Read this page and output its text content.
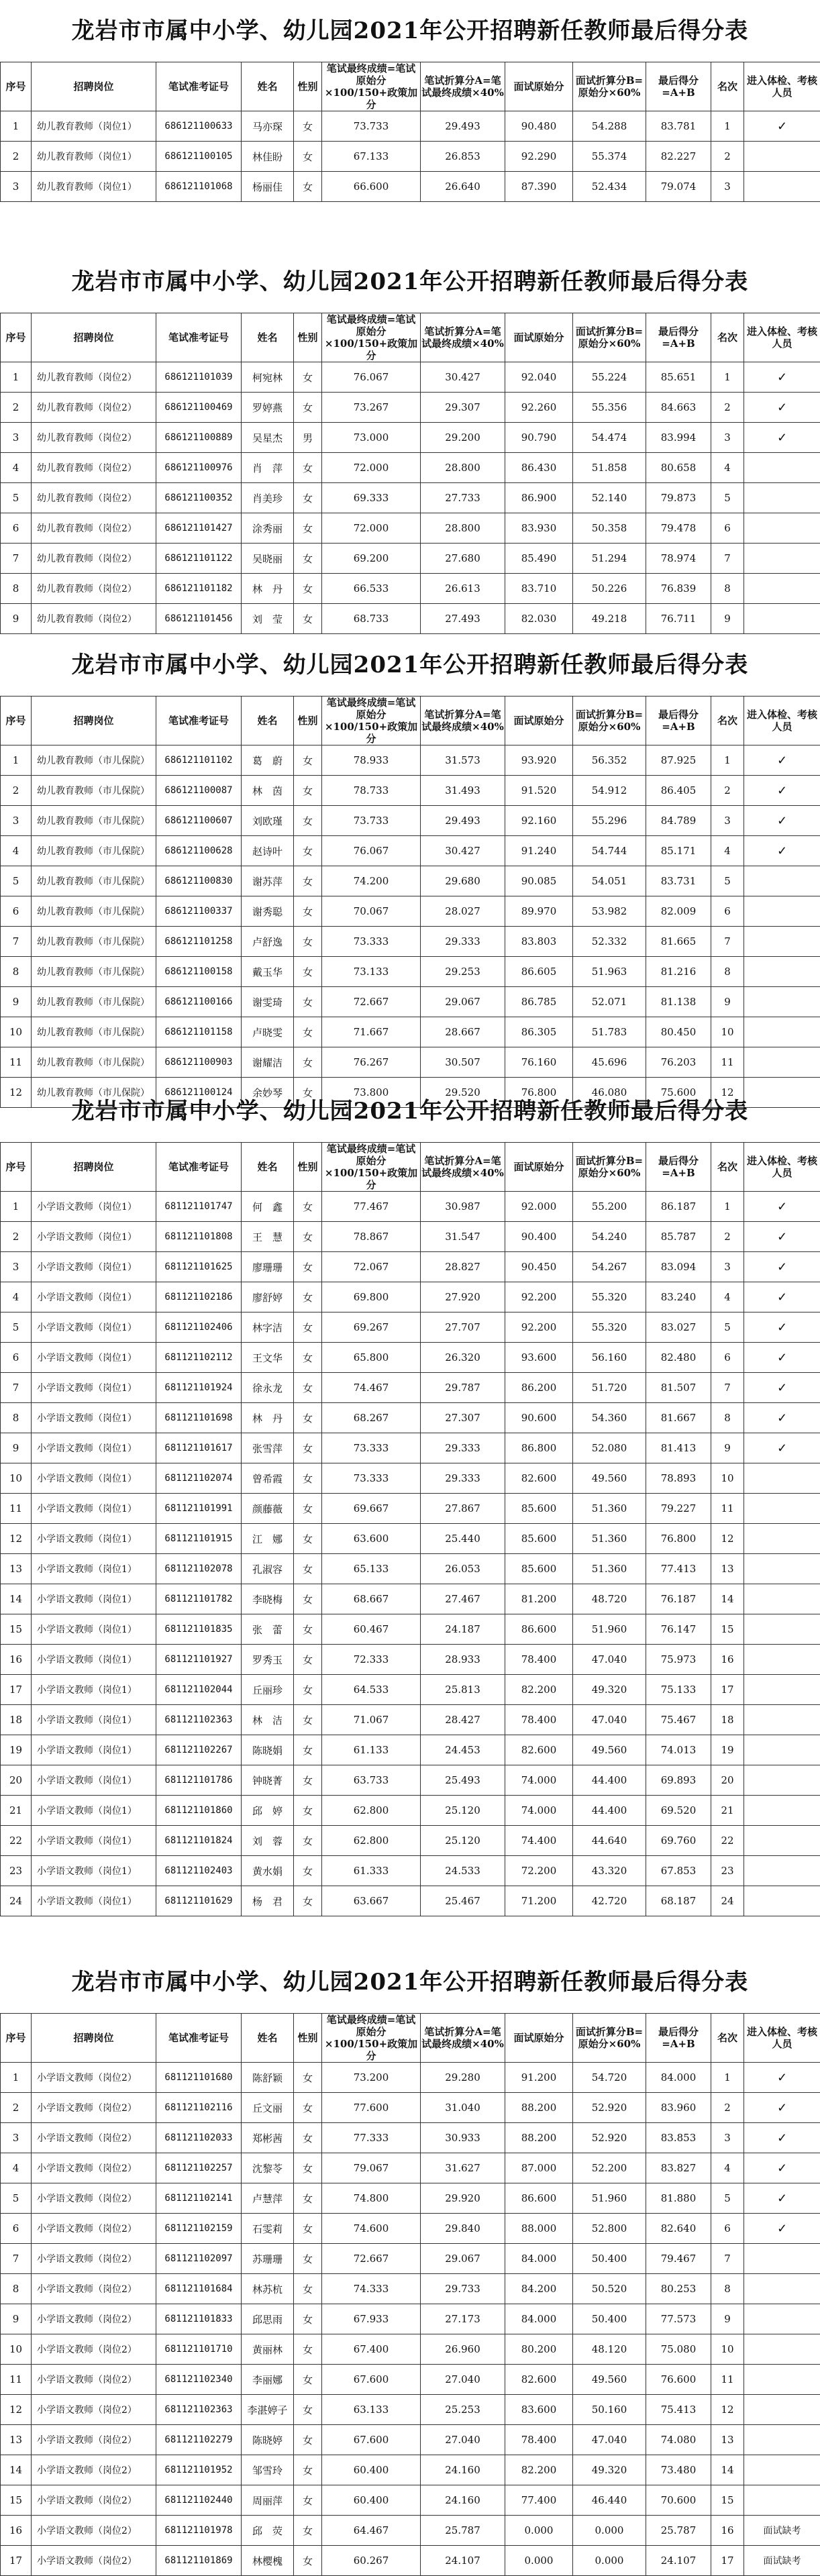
龙岩市市属中小学、幼儿园2021年公开招聘新任教师最后得分表
序号	招聘岗位	笔试准考证号	姓名	性别	笔试最终成绩=笔试原始分×100/150+政策加分	笔试折算分A=笔试最终成绩×40%	面试原始分	面试折算分B=原始分×60%	最后得分=A+B	名次	进入体检、考核人员
1	幼儿教育教师（岗位1）	686121100633	马亦琛	女	73.733	29.493	90.480	54.288	83.781	1	✓
2	幼儿教育教师（岗位1）	686121100105	林佳盼	女	67.133	26.853	92.290	55.374	82.227	2	
3	幼儿教育教师（岗位1）	686121101068	杨丽佳	女	66.600	26.640	87.390	52.434	79.074	3	
龙岩市市属中小学、幼儿园2021年公开招聘新任教师最后得分表
序号	招聘岗位	笔试准考证号	姓名	性别	笔试最终成绩=笔试原始分×100/150+政策加分	笔试折算分A=笔试最终成绩×40%	面试原始分	面试折算分B=原始分×60%	最后得分=A+B	名次	进入体检、考核人员
1	幼儿教育教师（岗位2）	686121101039	柯宛林	女	76.067	30.427	92.040	55.224	85.651	1	✓
2	幼儿教育教师（岗位2）	686121100469	罗婷燕	女	73.267	29.307	92.260	55.356	84.663	2	✓
3	幼儿教育教师（岗位2）	686121100889	吴星杰	男	73.000	29.200	90.790	54.474	83.994	3	✓
4	幼儿教育教师（岗位2）	686121100976	肖　萍	女	72.000	28.800	86.430	51.858	80.658	4	
5	幼儿教育教师（岗位2）	686121100352	肖美珍	女	69.333	27.733	86.900	52.140	79.873	5	
6	幼儿教育教师（岗位2）	686121101427	涂秀丽	女	72.000	28.800	83.930	50.358	79.478	6	
7	幼儿教育教师（岗位2）	686121101122	吴晓丽	女	69.200	27.680	85.490	51.294	78.974	7	
8	幼儿教育教师（岗位2）	686121101182	林　丹	女	66.533	26.613	83.710	50.226	76.839	8	
9	幼儿教育教师（岗位2）	686121101456	刘　莹	女	68.733	27.493	82.030	49.218	76.711	9	
龙岩市市属中小学、幼儿园2021年公开招聘新任教师最后得分表
序号	招聘岗位	笔试准考证号	姓名	性别	笔试最终成绩=笔试原始分×100/150+政策加分	笔试折算分A=笔试最终成绩×40%	面试原始分	面试折算分B=原始分×60%	最后得分=A+B	名次	进入体检、考核人员
1	幼儿教育教师（市儿保院）	686121101102	葛　蔚	女	78.933	31.573	93.920	56.352	87.925	1	✓
2	幼儿教育教师（市儿保院）	686121100087	林　茵	女	78.733	31.493	91.520	54.912	86.405	2	✓
3	幼儿教育教师（市儿保院）	686121100607	刘欧瑾	女	73.733	29.493	92.160	55.296	84.789	3	✓
4	幼儿教育教师（市儿保院）	686121100628	赵诗叶	女	76.067	30.427	91.240	54.744	85.171	4	✓
5	幼儿教育教师（市儿保院）	686121100830	谢苏萍	女	74.200	29.680	90.085	54.051	83.731	5	
6	幼儿教育教师（市儿保院）	686121100337	谢秀聪	女	70.067	28.027	89.970	53.982	82.009	6	
7	幼儿教育教师（市儿保院）	686121101258	卢舒逸	女	73.333	29.333	83.803	52.332	81.665	7	
8	幼儿教育教师（市儿保院）	686121100158	戴玉华	女	73.133	29.253	86.605	51.963	81.216	8	
9	幼儿教育教师（市儿保院）	686121100166	谢雯琦	女	72.667	29.067	86.785	52.071	81.138	9	
10	幼儿教育教师（市儿保院）	686121101158	卢晓雯	女	71.667	28.667	86.305	51.783	80.450	10	
11	幼儿教育教师（市儿保院）	686121100903	谢耀洁	女	76.267	30.507	76.160	45.696	76.203	11	
12	幼儿教育教师（市儿保院）	686121100124	余妙琴	女	73.800	29.520	76.800	46.080	75.600	12	
龙岩市市属中小学、幼儿园2021年公开招聘新任教师最后得分表
序号	招聘岗位	笔试准考证号	姓名	性别	笔试最终成绩=笔试原始分×100/150+政策加分	笔试折算分A=笔试最终成绩×40%	面试原始分	面试折算分B=原始分×60%	最后得分=A+B	名次	进入体检、考核人员
1	小学语文教师（岗位1）	681121101747	何　鑫	女	77.467	30.987	92.000	55.200	86.187	1	✓
2	小学语文教师（岗位1）	681121101808	王　慧	女	78.867	31.547	90.400	54.240	85.787	2	✓
3	小学语文教师（岗位1）	681121101625	廖珊珊	女	72.067	28.827	90.450	54.267	83.094	3	✓
4	小学语文教师（岗位1）	681121102186	廖舒婷	女	69.800	27.920	92.200	55.320	83.240	4	✓
5	小学语文教师（岗位1）	681121102406	林字洁	女	69.267	27.707	92.200	55.320	83.027	5	✓
6	小学语文教师（岗位1）	681121102112	王文华	女	65.800	26.320	93.600	56.160	82.480	6	✓
7	小学语文教师（岗位1）	681121101924	徐永龙	女	74.467	29.787	86.200	51.720	81.507	7	✓
8	小学语文教师（岗位1）	681121101698	林　丹	女	68.267	27.307	90.600	54.360	81.667	8	✓
9	小学语文教师（岗位1）	681121101617	张雪萍	女	73.333	29.333	86.800	52.080	81.413	9	✓
10	小学语文教师（岗位1）	681121102074	曾希霞	女	73.333	29.333	82.600	49.560	78.893	10	
11	小学语文教师（岗位1）	681121101991	颜藤薇	女	69.667	27.867	85.600	51.360	79.227	11	
12	小学语文教师（岗位1）	681121101915	江　娜	女	63.600	25.440	85.600	51.360	76.800	12	
13	小学语文教师（岗位1）	681121102078	孔淑容	女	65.133	26.053	85.600	51.360	77.413	13	
14	小学语文教师（岗位1）	681121101782	李晓梅	女	68.667	27.467	81.200	48.720	76.187	14	
15	小学语文教师（岗位1）	681121101835	张　蕾	女	60.467	24.187	86.600	51.960	76.147	15	
16	小学语文教师（岗位1）	681121101927	罗秀玉	女	72.333	28.933	78.400	47.040	75.973	16	
17	小学语文教师（岗位1）	681121102044	丘丽珍	女	64.533	25.813	82.200	49.320	75.133	17	
18	小学语文教师（岗位1）	681121102363	林　洁	女	71.067	28.427	78.400	47.040	75.467	18	
19	小学语文教师（岗位1）	681121102267	陈晓娟	女	61.133	24.453	82.600	49.560	74.013	19	
20	小学语文教师（岗位1）	681121101786	钟晓菁	女	63.733	25.493	74.000	44.400	69.893	20	
21	小学语文教师（岗位1）	681121101860	邱　婷	女	62.800	25.120	74.000	44.400	69.520	21	
22	小学语文教师（岗位1）	681121101824	刘　蓉	女	62.800	25.120	74.400	44.640	69.760	22	
23	小学语文教师（岗位1）	681121102403	黄水娟	女	61.333	24.533	72.200	43.320	67.853	23	
24	小学语文教师（岗位1）	681121101629	杨　君	女	63.667	25.467	71.200	42.720	68.187	24	
龙岩市市属中小学、幼儿园2021年公开招聘新任教师最后得分表
序号	招聘岗位	笔试准考证号	姓名	性别	笔试最终成绩=笔试原始分×100/150+政策加分	笔试折算分A=笔试最终成绩×40%	面试原始分	面试折算分B=原始分×60%	最后得分=A+B	名次	进入体检、考核人员
1	小学语文教师（岗位2）	681121101680	陈舒颖	女	73.200	29.280	91.200	54.720	84.000	1	✓
2	小学语文教师（岗位2）	681121102116	丘文丽	女	77.600	31.040	88.200	52.920	83.960	2	✓
3	小学语文教师（岗位2）	681121102033	郑彬茜	女	77.333	30.933	88.200	52.920	83.853	3	✓
4	小学语文教师（岗位2）	681121102257	沈黎苓	女	79.067	31.627	87.000	52.200	83.827	4	✓
5	小学语文教师（岗位2）	681121102141	卢慧萍	女	74.800	29.920	86.600	51.960	81.880	5	✓
6	小学语文教师（岗位2）	681121102159	石雯莉	女	74.600	29.840	88.000	52.800	82.640	6	✓
7	小学语文教师（岗位2）	681121102097	苏珊珊	女	72.667	29.067	84.000	50.400	79.467	7	
8	小学语文教师（岗位2）	681121101684	林苏杭	女	74.333	29.733	84.200	50.520	80.253	8	
9	小学语文教师（岗位2）	681121101833	邱思雨	女	67.933	27.173	84.000	50.400	77.573	9	
10	小学语文教师（岗位2）	681121101710	黄丽林	女	67.400	26.960	80.200	48.120	75.080	10	
11	小学语文教师（岗位2）	681121102340	李丽娜	女	67.600	27.040	82.600	49.560	76.600	11	
12	小学语文教师（岗位2）	681121102363	李湛婷子	女	63.133	25.253	83.600	50.160	75.413	12	
13	小学语文教师（岗位2）	681121102279	陈晓婷	女	67.600	27.040	78.400	47.040	74.080	13	
14	小学语文教师（岗位2）	681121101952	邹雪玲	女	60.400	24.160	82.200	49.320	73.480	14	
15	小学语文教师（岗位2）	681121102440	周丽萍	女	60.400	24.160	77.400	46.440	70.600	15	
16	小学语文教师（岗位2）	681121101978	邱　荧	女	64.467	25.787	0.000	0.000	25.787	16	面试缺考
17	小学语文教师（岗位2）	681121101869	林樱槐	女	60.267	24.107	0.000	0.000	24.107	17	面试缺考
